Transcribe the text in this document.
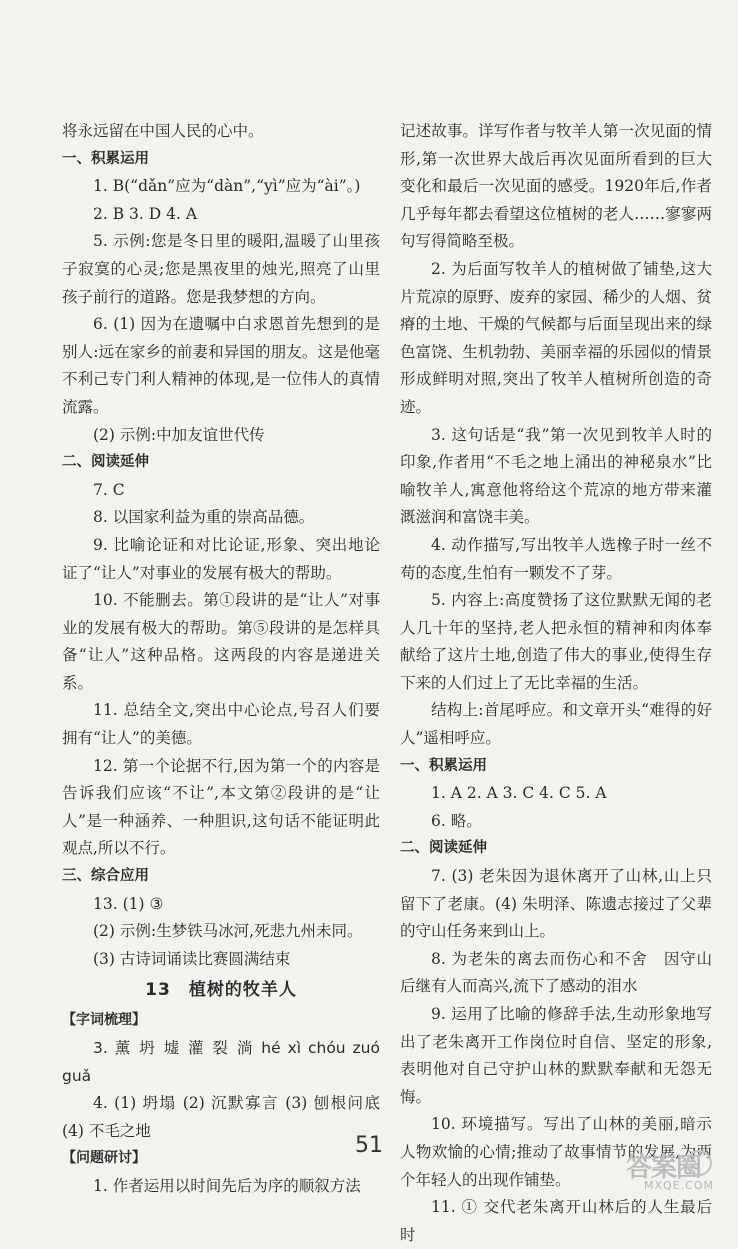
将永远留在中国人民的心中。

一、积累运用

1. B(“dǎn”应为“dàn”,“yì”应为“ài”。)

2. B 3. D 4. A

5. 示例:您是冬日里的暖阳,温暖了山里孩子寂寞的心灵;您是黑夜里的烛光,照亮了山里孩子前行的道路。您是我梦想的方向。

6. (1) 因为在遗嘱中白求恩首先想到的是别人:远在家乡的前妻和异国的朋友。这是他毫不利己专门利人精神的体现,是一位伟人的真情流露。

(2) 示例:中加友谊世代传

二、阅读延伸

7. C

8. 以国家利益为重的崇高品德。

9. 比喻论证和对比论证,形象、突出地论证了“让人”对事业的发展有极大的帮助。

10. 不能删去。第①段讲的是“让人”对事业的发展有极大的帮助。第⑤段讲的是怎样具备“让人”这种品格。这两段的内容是递进关系。

11. 总结全文,突出中心论点,号召人们要拥有“让人”的美德。

12. 第一个论据不行,因为第一个的内容是告诉我们应该“不让”,本文第②段讲的是“让人”是一种涵养、一种胆识,这句话不能证明此观点,所以不行。

三、综合应用

13. (1) ③

(2) 示例:生梦铁马冰河,死悲九州未同。

(3) 古诗词诵读比赛圆满结束

13　植树的牧羊人

【字词梳理】

3. 薰 坍 墟 灌 裂 淌 hé xì chóu zuó guǎ

4. (1) 坍塌 (2) 沉默寡言 (3) 刨根问底 (4) 不毛之地

【问题研讨】

1. 作者运用以时间先后为序的顺叙方法

记述故事。详写作者与牧羊人第一次见面的情形,第一次世界大战后再次见面所看到的巨大变化和最后一次见面的感受。1920年后,作者几乎每年都去看望这位植树的老人……寥寥两句写得简略至极。

2. 为后面写牧羊人的植树做了铺垫,这大片荒凉的原野、废弃的家园、稀少的人烟、贫瘠的土地、干燥的气候都与后面呈现出来的绿色富饶、生机勃勃、美丽幸福的乐园似的情景形成鲜明对照,突出了牧羊人植树所创造的奇迹。

3. 这句话是“我”第一次见到牧羊人时的印象,作者用“不毛之地上涌出的神秘泉水”比喻牧羊人,寓意他将给这个荒凉的地方带来灌溉滋润和富饶丰美。

4. 动作描写,写出牧羊人选橡子时一丝不苟的态度,生怕有一颗发不了芽。

5. 内容上:高度赞扬了这位默默无闻的老人几十年的坚持,老人把永恒的精神和肉体奉献给了这片土地,创造了伟大的事业,使得生存下来的人们过上了无比幸福的生活。

结构上:首尾呼应。和文章开头“难得的好人”遥相呼应。

一、积累运用

1. A 2. A 3. C 4. C 5. A

6. 略。

二、阅读延伸

7. (3) 老朱因为退休离开了山林,山上只留下了老康。(4) 朱明泽、陈遗志接过了父辈的守山任务来到山上。

8. 为老朱的离去而伤心和不舍　因守山后继有人而高兴,流下了感动的泪水

9. 运用了比喻的修辞手法,生动形象地写出了老朱离开工作岗位时自信、坚定的形象,表明他对自己守护山林的默默奉献和无怨无悔。

10. 环境描写。写出了山林的美丽,暗示人物欢愉的心情;推动了故事情节的发展,为两个年轻人的出现作铺垫。

11. ① 交代老朱离开山林后的人生最后时

51
答案圈
MXQE.COM
